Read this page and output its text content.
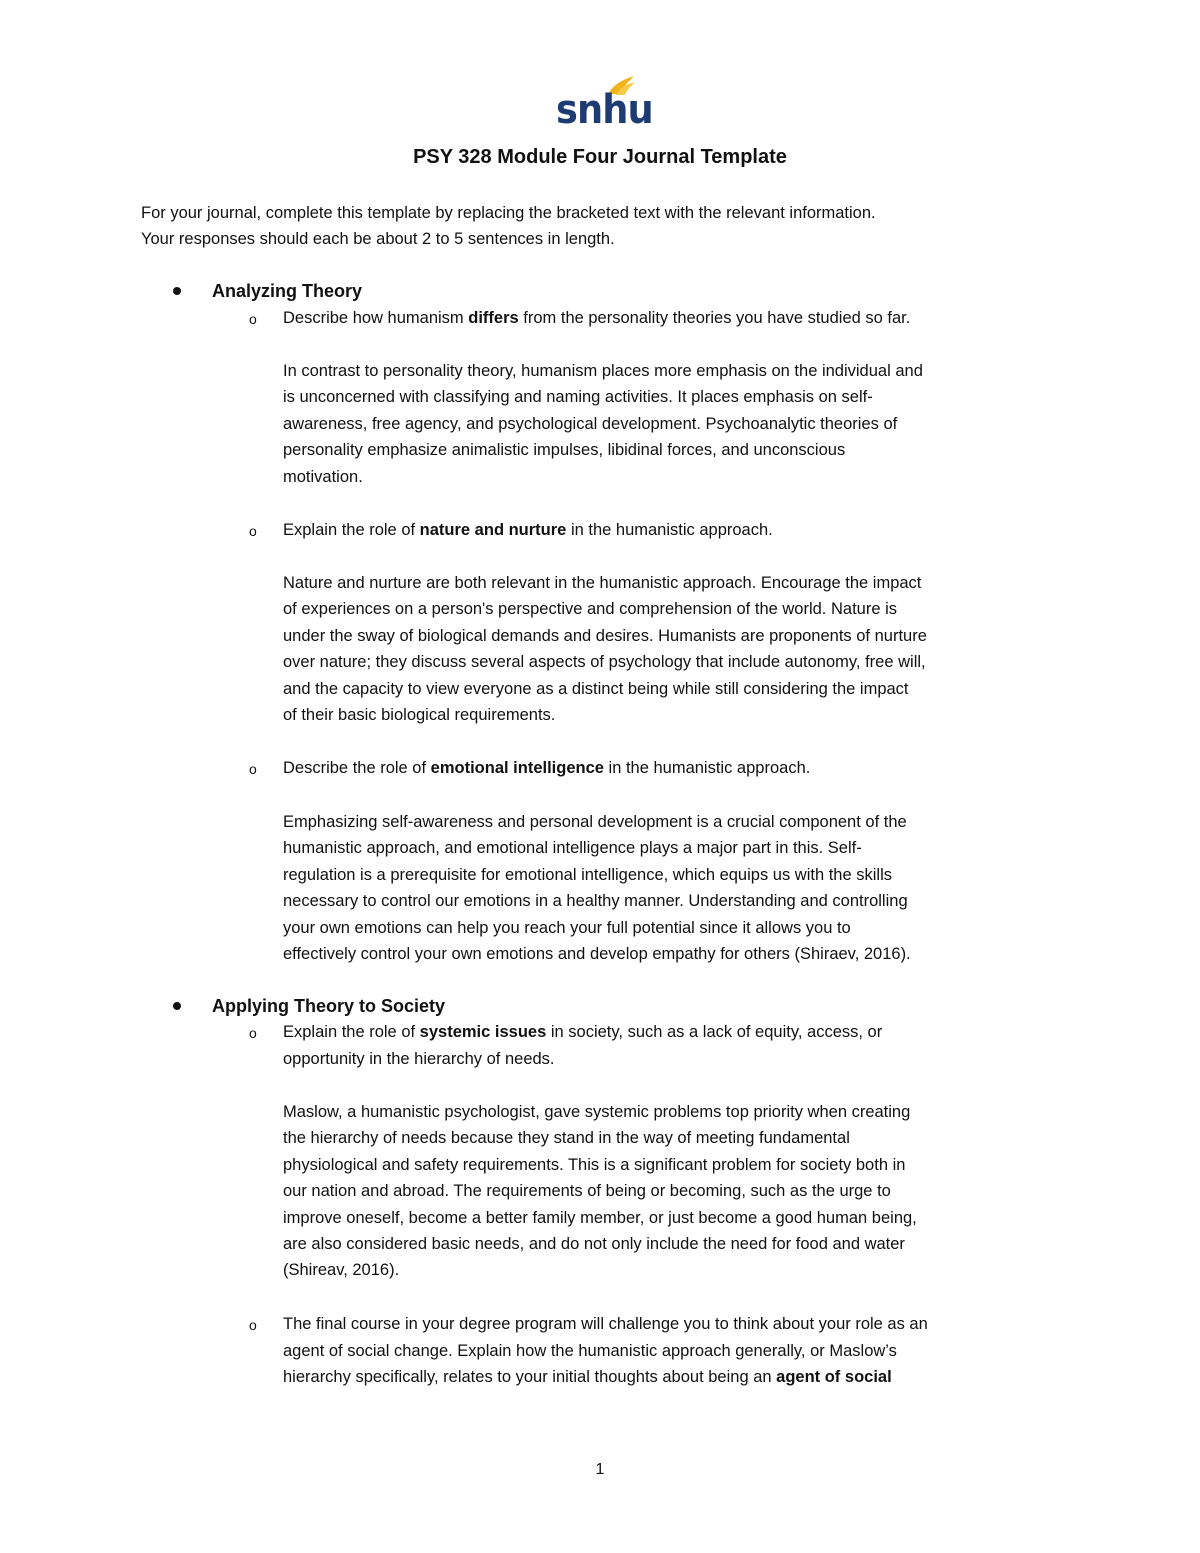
snhu
PSY 328 Module Four Journal Template
For your journal, complete this template by replacing the bracketed text with the relevant information.
Your responses should each be about 2 to 5 sentences in length.
Analyzing Theory
o Describe how humanism differs from the personality theories you have studied so far.

In contrast to personality theory, humanism places more emphasis on the individual and

is unconcerned with classifying and naming activities. It places emphasis on self-

awareness, free agency, and psychological development. Psychoanalytic theories of

personality emphasize animalistic impulses, libidinal forces, and unconscious

motivation.

o Explain the role of nature and nurture in the humanistic approach.

Nature and nurture are both relevant in the humanistic approach. Encourage the impact

of experiences on a person's perspective and comprehension of the world. Nature is

under the sway of biological demands and desires. Humanists are proponents of nurture

over nature; they discuss several aspects of psychology that include autonomy, free will,

and the capacity to view everyone as a distinct being while still considering the impact

of their basic biological requirements.

o Describe the role of emotional intelligence in the humanistic approach.

Emphasizing self-awareness and personal development is a crucial component of the

humanistic approach, and emotional intelligence plays a major part in this. Self-

regulation is a prerequisite for emotional intelligence, which equips us with the skills

necessary to control our emotions in a healthy manner. Understanding and controlling

your own emotions can help you reach your full potential since it allows you to

effectively control your own emotions and develop empathy for others (Shiraev, 2016).

Applying Theory to Society
o Explain the role of systemic issues in society, such as a lack of equity, access, or
opportunity in the hierarchy of needs.

Maslow, a humanistic psychologist, gave systemic problems top priority when creating

the hierarchy of needs because they stand in the way of meeting fundamental

physiological and safety requirements. This is a significant problem for society both in

our nation and abroad. The requirements of being or becoming, such as the urge to

improve oneself, become a better family member, or just become a good human being,

are also considered basic needs, and do not only include the need for food and water

(Shireav, 2016).

o The final course in your degree program will challenge you to think about your role as an
agent of social change. Explain how the humanistic approach generally, or Maslow’s
hierarchy specifically, relates to your initial thoughts about being an agent of social
1
